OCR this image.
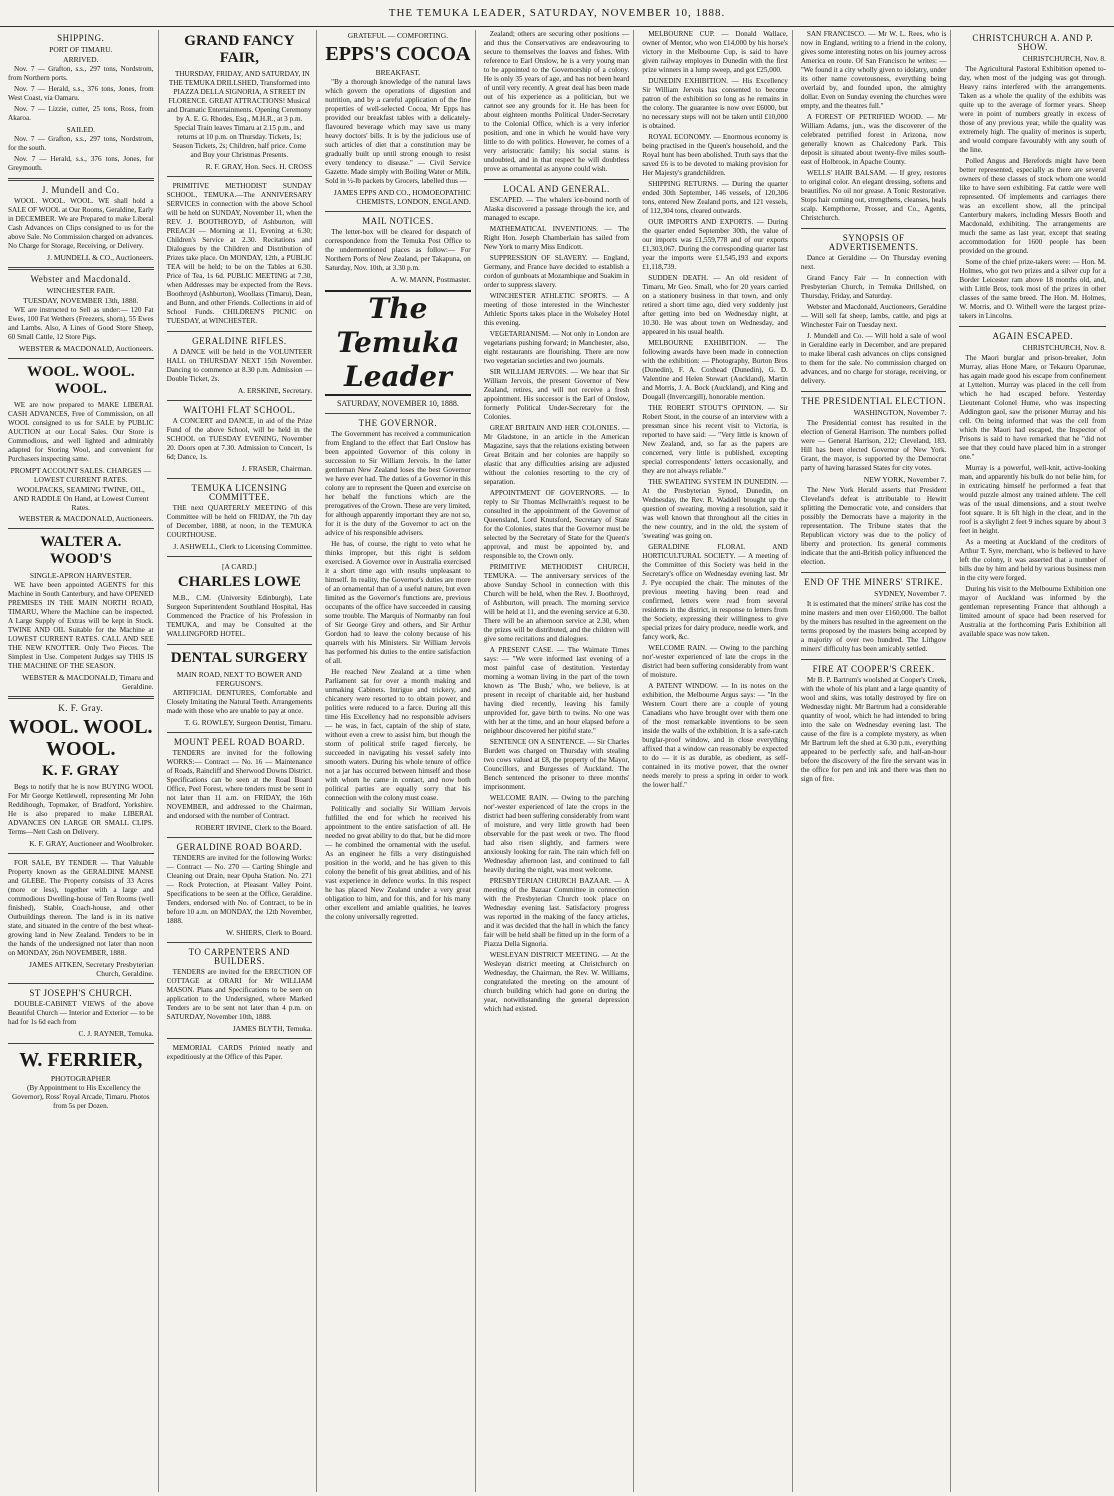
THE TEMUKA LEADER, SATURDAY, NOVEMBER 10, 1888.
SHIPPING.
PORT OF TIMARU.
ARRIVED.

Nov. 7 — Grafton, s.s., 297 tons, Nordstrom, from Northern ports.

Nov. 7 — Herald, s.s., 376 tons, Jones, from West Coast, via Oamaru.

Nov. 7 — Lizzie, cutter, 25 tons, Ross, from Akaroa.

SAILED.

Nov. 7 — Grafton, s.s., 297 tons, Nordstrom, for the south.

Nov. 7 — Herald, s.s., 376 tons, Jones, for Greymouth.

J. Mundell and Co.

WOOL. WOOL. WOOL. WE shall hold a SALE OF WOOL at Our Rooms, Geraldine, Early in DECEMBER. We are Prepared to make Liberal Cash Advances on Clips consigned to us for the above Sale. No Commission charged on advances. No Charge for Storage, Receiving, or Delivery.

J. MUNDELL & CO., Auctioneers.
Webster and Macdonald.
WINCHESTER FAIR.
TUESDAY, NOVEMBER 13th, 1888.

WE are instructed to Sell as under:— 120 Fat Ewes, 100 Fat Wethers (Freezers, shorn), 55 Ewes and Lambs. Also, A Lines of Good Store Sheep, 60 Small Cattle, 12 Store Pigs.

WEBSTER & MACDONALD, Auctioneers.
WOOL. WOOL. WOOL.

WE are now prepared to MAKE LIBERAL CASH ADVANCES, Free of Commission, on all WOOL consigned to us for SALE by PUBLIC AUCTION at our Local Sales. Our Store is Commodious, and well lighted and admirably adapted for Storing Wool, and convenient for Purchasers inspecting same.

PROMPT ACCOUNT SALES. CHARGES — LOWEST CURRENT RATES.
WOOLPACKS, SEAMING TWINE, OIL, AND RADDLE On Hand, at Lowest Current Rates.
WEBSTER & MACDONALD, Auctioneers.
WALTER A. WOOD'S
SINGLE-APRON HARVESTER.

WE have been appointed AGENTS for this Machine in South Canterbury, and have OPENED PREMISES IN THE MAIN NORTH ROAD, TIMARU, Where the Machine can be inspected. A Large Supply of Extras will be kept in Stock. TWINE AND OIL Suitable for the Machine at LOWEST CURRENT RATES. CALL AND SEE THE NEW KNOTTER. Only Two Pieces. The Simplest in Use. Competent Judges say THIS IS THE MACHINE OF THE SEASON.

WEBSTER & MACDONALD, Timaru and Geraldine.
K. F. Gray.
WOOL. WOOL. WOOL.
K. F. GRAY

Begs to notify that he is now BUYING WOOL For Mr George Kettlewell, representing Mr John Reddihough, Topmaker, of Bradford, Yorkshire. He is also prepared to make LIBERAL ADVANCES ON LARGE OR SMALL CLIPS. Terms—Nett Cash on Delivery.

K. F. GRAY, Auctioneer and Woolbroker.

FOR SALE, BY TENDER — That Valuable Property known as the GERALDINE MANSE and GLEBE. The Property consists of 33 Acres (more or less), together with a large and commodious Dwelling-house of Ten Rooms (well finished), Stable, Coach-house, and other Outbuildings thereon. The land is in its native state, and situated in the centre of the best wheat-growing land in New Zealand. Tenders to be in the hands of the undersigned not later than noon on MONDAY, 26th NOVEMBER, 1888.

JAMES AITKEN, Secretary Presbyterian Church, Geraldine.
ST JOSEPH'S CHURCH.

DOUBLE-CABINET VIEWS of the above Beautiful Church — Interior and Exterior — to be had for 1s 6d each from

C. J. RAYNER, Temuka.
W. FERRIER,
PHOTOGRAPHER

(By Appointment to His Excellency the Governor), Ross' Royal Arcade, Timaru. Photos from 5s per Dozen.

GRAND FANCY FAIR,

THURSDAY, FRIDAY, AND SATURDAY, IN THE TEMUKA DRILLSHED, Transformed into PIAZZA DELLA SIGNORIA, A STREET IN FLORENCE. GREAT ATTRACTIONS! Musical and Dramatic Entertainments. Opening Ceremony by A. E. G. Rhodes, Esq., M.H.R., at 3 p.m. Special Train leaves Timaru at 2.15 p.m., and returns at 10 p.m. on Thursday. Tickets, 1s; Season Tickets, 2s; Children, half price. Come and Buy your Christmas Presents.

R. F. GRAY, Hon. Secs. H. CROSS

PRIMITIVE METHODIST SUNDAY SCHOOL, TEMUKA.—The ANNIVERSARY SERVICES in connection with the above School will be held on SUNDAY, November 11, when the REV. J. BOOTHROYD, of Ashburton, will PREACH — Morning at 11, Evening at 6.30; Children's Service at 2.30. Recitations and Dialogues by the Children and Distribution of Prizes take place. On MONDAY, 12th, a PUBLIC TEA will be held; to be on the Tables at 6.30. Price of Tea, 1s 6d. PUBLIC MEETING at 7.30, when Addresses may be expected from the Revs. Boothroyd (Ashburton), Woollass (Timaru), Dean, and Bunn, and other Friends. Collections in aid of School Funds. CHILDREN'S PICNIC on TUESDAY, at WINCHESTER.

GERALDINE RIFLES.

A DANCE will be held in the VOLUNTEER HALL on THURSDAY NEXT 15th November. Dancing to commence at 8.30 p.m. Admission — Double Ticket, 2s.

A. ERSKINE, Secretary.
WAITOHI FLAT SCHOOL.

A CONCERT and DANCE, in aid of the Prize Fund of the above School, will be held in the SCHOOL on TUESDAY EVENING, November 20. Doors open at 7.30. Admission to Concert, 1s 6d; Dance, 1s.

J. FRASER, Chairman.
TEMUKA LICENSING COMMITTEE.

THE next QUARTERLY MEETING of this Committee will be held on FRIDAY, the 7th day of December, 1888, at noon, in the TEMUKA COURTHOUSE.

J. ASHWELL, Clerk to Licensing Committee.
[A CARD.]
CHARLES LOWE

M.B., C.M. (University Edinburgh), Late Surgeon Superintendent Southland Hospital, Has Commenced the Practice of his Profession in TEMUKA, and may be Consulted at the WALLINGFORD HOTEL.

DENTAL SURGERY
MAIN ROAD, NEXT TO BOWER AND FERGUSON'S.

ARTIFICIAL DENTURES, Comfortable and Closely Imitating the Natural Teeth. Arrangements made with those who are unable to pay at once.

T. G. ROWLEY, Surgeon Dentist, Timaru.
MOUNT PEEL ROAD BOARD.

TENDERS are invited for the following WORKS:— Contract — No. 16 — Maintenance of Roads, Raincliff and Sherwood Downs District. Specifications can be seen at the Road Board Office, Peel Forest, where tenders must be sent in not later than 11 a.m. on FRIDAY, the 16th NOVEMBER, and addressed to the Chairman, and endorsed with the number of Contract.

ROBERT IRVINE, Clerk to the Board.
GERALDINE ROAD BOARD.

TENDERS are invited for the following Works:— Contract — No. 270 — Carting Shingle and Cleaning out Drain, near Opuha Station. No. 271 — Rock Protection, at Pleasant Valley Point. Specifications to be seen at the Office, Geraldine. Tenders, endorsed with No. of Contract, to be in before 10 a.m. on MONDAY, the 12th November, 1888.

W. SHIERS, Clerk to Board.
TO CARPENTERS AND BUILDERS.

TENDERS are invited for the ERECTION OF COTTAGE at ORARI for Mr WILLIAM MASON. Plans and Specifications to be seen on application to the Undersigned, where Marked Tenders are to be sent not later than 4 p.m. on SATURDAY, November 10th, 1888.

JAMES BLYTH, Temuka.

MEMORIAL CARDS Printed neatly and expeditiously at the Office of this Paper.

GRATEFUL — COMFORTING.
EPPS'S COCOA
BREAKFAST.

"By a thorough knowledge of the natural laws which govern the operations of digestion and nutrition, and by a careful application of the fine properties of well-selected Cocoa, Mr Epps has provided our breakfast tables with a delicately-flavoured beverage which may save us many heavy doctors' bills. It is by the judicious use of such articles of diet that a constitution may be gradually built up until strong enough to resist every tendency to disease." — Civil Service Gazette. Made simply with Boiling Water or Milk. Sold in ½-lb packets by Grocers, labelled thus —

JAMES EPPS AND CO., HOMOEOPATHIC CHEMISTS, LONDON, ENGLAND.
MAIL NOTICES.

The letter-box will be cleared for despatch of correspondence from the Temuka Post Office to the undermentioned places as follow:— For Northern Ports of New Zealand, per Takapuna, on Saturday, Nov. 10th, at 3.30 p.m.

A. W. MANN, Postmaster.
The Temuka Leader
SATURDAY, NOVEMBER 10, 1888.
THE GOVERNOR.

The Government has received a communication from England to the effect that Earl Onslow has been appointed Governor of this colony in succession to Sir William Jervois. In the latter gentleman New Zealand loses the best Governor we have ever had. The duties of a Governor in this colony are to represent the Queen and exercise on her behalf the functions which are the prerogatives of the Crown. These are very limited, for although apparently important they are not so, for it is the duty of the Governor to act on the advice of his responsible advisers.

He has, of course, the right to veto what he thinks improper, but this right is seldom exercised. A Governor over in Australia exercised it a short time ago with results unpleasant to himself. In reality, the Governor's duties are more of an ornamental than of a useful nature, but even limited as the Governor's functions are, previous occupants of the office have succeeded in causing some trouble. The Marquis of Normanby ran foul of Sir George Grey and others, and Sir Arthur Gordon had to leave the colony because of his quarrels with his Ministers. Sir William Jervois has performed his duties to the entire satisfaction of all.

He reached New Zealand at a time when Parliament sat for over a month making and unmaking Cabinets. Intrigue and trickery, and chicanery were resorted to to obtain power, and politics were reduced to a farce. During all this time His Excellency had no responsible advisers — he was, in fact, captain of the ship of state, without even a crew to assist him, but though the storm of political strife raged fiercely, he succeeded in navigating his vessel safely into smooth waters. During his whole tenure of office not a jar has occurred between himself and those with whom he came in contact, and now both political parties are equally sorry that his connection with the colony must cease.

Politically and socially Sir William Jervois fulfilled the end for which he received his appointment to the entire satisfaction of all. He needed no great ability to do that, but he did more — he combined the ornamental with the useful. As an engineer he fills a very distinguished position in the world, and he has given to this colony the benefit of his great abilities, and of his vast experience in defence works. In this respect he has placed New Zealand under a very great obligation to him, and for this, and for his many other excellent and amiable qualities, he leaves the colony universally regretted.

Zealand; others are securing other positions — and thus the Conservatives are endeavouring to secure to themselves the loaves and fishes. With reference to Earl Onslow, he is a very young man to be appointed to the Governorship of a colony. He is only 35 years of age, and has not been heard of until very recently. A great deal has been made out of his experience as a politician, but we cannot see any grounds for it. He has been for about eighteen months Political Under-Secretary to the Colonial Office, which is a very inferior position, and one in which he would have very little to do with politics. However, he comes of a very aristocratic family; his social status is undoubted, and in that respect he will doubtless prove as ornamental as anyone could wish.

LOCAL AND GENERAL.

ESCAPED. — The whalers ice-bound north of Alaska discovered a passage through the ice, and managed to escape.

MATHEMATICAL INVENTIONS. — The Right Hon. Joseph Chamberlain has sailed from New York to marry Miss Endicott.

SUPPRESSION OF SLAVERY. — England, Germany, and France have decided to establish a cordon of gunboats at Mozambique and Suakim in order to suppress slavery.

WINCHESTER ATHLETIC SPORTS. — A meeting of those interested in the Winchester Athletic Sports takes place in the Wolseley Hotel this evening.

VEGETARIANISM. — Not only in London are vegetarians pushing forward; in Manchester, also, eight restaurants are flourishing. There are now two vegetarian societies and two journals.

SIR WILLIAM JERVOIS. — We hear that Sir William Jervois, the present Governor of New Zealand, retires, and will not receive a fresh appointment. His successor is the Earl of Onslow, formerly Political Under-Secretary for the Colonies.

GREAT BRITAIN AND HER COLONIES. — Mr Gladstone, in an article in the American Magazine, says that the relations existing between Great Britain and her colonies are happily so elastic that any difficulties arising are adjusted without the colonies resorting to the cry of separation.

APPOINTMENT OF GOVERNORS. — In reply to Sir Thomas McIlwraith's request to be consulted in the appointment of the Governor of Queensland, Lord Knutsford, Secretary of State for the Colonies, states that the Governor must be selected by the Secretary of State for the Queen's approval, and must be appointed by, and responsible to, the Crown only.

PRIMITIVE METHODIST CHURCH, TEMUKA. — The anniversary services of the above Sunday School in connection with this Church will be held, when the Rev. J. Boothroyd, of Ashburton, will preach. The morning service will be held at 11, and the evening service at 6.30. There will be an afternoon service at 2.30, when the prizes will be distributed, and the children will give some recitations and dialogues.

A PRESENT CASE. — The Waimate Times says: — "We were informed last evening of a most painful case of destitution. Yesterday morning a woman living in the part of the town known as 'The Bush,' who, we believe, is at present in receipt of charitable aid, her husband having died recently, leaving his family unprovided for, gave birth to twins. No one was with her at the time, and an hour elapsed before a neighbour discovered her pitiful state."

SENTENCE ON A SENTENCE. — Sir Charles Burdett was charged on Thursday with stealing two cows valued at £8, the property of the Mayor, Councillors, and Burgesses of Auckland. The Bench sentenced the prisoner to three months' imprisonment.

WELCOME RAIN. — Owing to the parching nor'-wester experienced of late the crops in the district had been suffering considerably from want of moisture, and very little growth had been observable for the past week or two. The flood had also risen slightly, and farmers were anxiously looking for rain. The rain which fell on Wednesday afternoon last, and continued to fall heavily during the night, was most welcome.

PRESBYTERIAN CHURCH BAZAAR. — A meeting of the Bazaar Committee in connection with the Presbyterian Church took place on Wednesday evening last. Satisfactory progress was reported in the making of the fancy articles, and it was decided that the hall in which the fancy fair will be held shall be fitted up in the form of a Piazza Della Signoria.

WESLEYAN DISTRICT MEETING. — At the Wesleyan district meeting at Christchurch on Wednesday, the Chairman, the Rev. W. Williams, congratulated the meeting on the amount of church building which had gone on during the year, notwithstanding the general depression which had existed.

MELBOURNE CUP. — Donald Wallace, owner of Mentor, who won £14,000 by his horse's victory in the Melbourne Cup, is said to have given railway employes in Dunedin with the first prize winners in a lump sweep, and got £25,000.

DUNEDIN EXHIBITION. — His Excellency Sir William Jervois has consented to become patron of the exhibition so long as he remains in the colony. The guarantee is now over £6000, but no necessary steps will not be taken until £10,000 is obtained.

ROYAL ECONOMY. — Enormous economy is being practised in the Queen's household, and the Royal hunt has been abolished. Truth says that the saved £6 is to be devoted to making provision for Her Majesty's grandchildren.

SHIPPING RETURNS. — During the quarter ended 30th September, 146 vessels, of 120,306 tons, entered New Zealand ports, and 121 vessels, of 112,304 tons, cleared outwards.

OUR IMPORTS AND EXPORTS. — During the quarter ended September 30th, the value of our imports was £1,559,778 and of our exports £1,303,067. During the corresponding quarter last year the imports were £1,545,193 and exports £1,118,739.

SUDDEN DEATH. — An old resident of Timaru, Mr Geo. Small, who for 20 years carried on a stationery business in that town, and only retired a short time ago, died very suddenly just after getting into bed on Wednesday night, at 10.30. He was about town on Wednesday, and appeared in his usual health.

MELBOURNE EXHIBITION. — The following awards have been made in connection with the exhibition: — Photography, Burton Bros (Dunedin), F. A. Coxhead (Dunedin), G. D. Valentine and Helen Stewart (Auckland), Martin and Morris, J. A. Bock (Auckland), and King and Dougall (Invercargill), honorable mention.

THE ROBERT STOUT'S OPINION. — Sir Robert Stout, in the course of an interview with a pressman since his recent visit to Victoria, is reported to have said: — "Very little is known of New Zealand, and, so far as the papers are concerned, very little is published, excepting special correspondents' letters occasionally, and they are not always reliable."

THE SWEATING SYSTEM IN DUNEDIN. — At the Presbyterian Synod, Dunedin, on Wednesday, the Rev. R. Waddell brought up the question of sweating, moving a resolution, said it was well known that throughout all the cities in the new country, and in the old, the system of 'sweating' was going on.

GERALDINE FLORAL AND HORTICULTURAL SOCIETY. — A meeting of the Committee of this Society was held in the Secretary's office on Wednesday evening last. Mr J. Pye occupied the chair. The minutes of the previous meeting having been read and confirmed, letters were read from several residents in the district, in response to letters from the Society, expressing their willingness to give special prizes for dairy produce, needle work, and fancy work, &c.

WELCOME RAIN. — Owing to the parching nor'-wester experienced of late the crops in the district had been suffering considerably from want of moisture.

A PATENT WINDOW. — In its notes on the exhibition, the Melbourne Argus says: — "In the Western Court there are a couple of young Canadians who have brought over with them one of the most remarkable inventions to be seen inside the walls of the exhibition. It is a safe-catch burglar-proof window, and in close everything affixed that a window can reasonably be expected to do — it is as durable, as obedient, as self-contained in its motive power, that the owner needs merely to press a spring in order to work the lower half."

SAN FRANCISCO. — Mr W. L. Rees, who is now in England, writing to a friend in the colony, gives some interesting notes on his journey across America en route. Of San Francisco he writes: — "We found it a city wholly given to idolatry, under its other name covetousness, everything being overlaid by, and founded upon, the almighty dollar. Even on Sunday evening the churches were empty, and the theatres full."

A FOREST OF PETRIFIED WOOD. — Mr William Adams, jun., was the discoverer of the celebrated petrified forest in Arizona, now generally known as Chalcedony Park. This deposit is situated about twenty-five miles south-east of Holbrook, in Apache County.

WELLS' HAIR BALSAM. — If grey, restores to original color. An elegant dressing, softens and beautifies. No oil nor grease. A Tonic Restorative. Stops hair coming out, strengthens, cleanses, heals scalp. Kempthorne, Prosser, and Co., Agents, Christchurch.

SYNOPSIS OF ADVERTISEMENTS.

Dance at Geraldine — On Thursday evening next.

Grand Fancy Fair — In connection with Presbyterian Church, in Temuka Drillshed, on Thursday, Friday, and Saturday.

Webster and Macdonald, Auctioneers, Geraldine — Will sell fat sheep, lambs, cattle, and pigs at Winchester Fair on Tuesday next.

J. Mundell and Co. — Will hold a sale of wool in Geraldine early in December, and are prepared to make liberal cash advances on clips consigned to them for the sale. No commission charged on advances, and no charge for storage, receiving, or delivery.

THE PRESIDENTIAL ELECTION.
WASHINGTON, November 7.

The Presidential contest has resulted in the election of General Harrison. The numbers polled were — General Harrison, 212; Cleveland, 183. Hill has been elected Governor of New York. Grant, the mayor, is supported by the Democrat party of having harassed States for city votes.

NEW YORK, November 7.

The New York Herald asserts that President Cleveland's defeat is attributable to Hewitt splitting the Democratic vote, and considers that possibly the Democrats have a majority in the representation. The Tribune states that the Republican victory was due to the policy of liberty and protection. Its general comments indicate that the anti-British policy influenced the election.

END OF THE MINERS' STRIKE.
SYDNEY, November 7.

It is estimated that the miners' strike has cost the mine masters and men over £160,000. The ballot by the miners has resulted in the agreement on the terms proposed by the masters being accepted by a majority of over two hundred. The Lithgow miners' difficulty has been amicably settled.

FIRE AT COOPER'S CREEK.

Mr B. P. Bartrum's woolshed at Cooper's Creek, with the whole of his plant and a large quantity of wool and skins, was totally destroyed by fire on Wednesday night. Mr Bartrum had a considerable quantity of wool, which he had intended to bring into the sale on Wednesday evening last. The cause of the fire is a complete mystery, as when Mr Bartrum left the shed at 6.30 p.m., everything appeared to be perfectly safe, and half-an-hour before the discovery of the fire the servant was in the office for pen and ink and there was then no sign of fire.

CHRISTCHURCH A. AND P. SHOW.
CHRISTCHURCH, Nov. 8.

The Agricultural Pastoral Exhibition opened to-day, when most of the judging was got through. Heavy rains interfered with the arrangements. Taken as a whole the quality of the exhibits was quite up to the average of former years. Sheep were in point of numbers greatly in excess of those of any previous year, while the quality was extremely high. The quality of merinos is superb, and would compare favourably with any south of the line.

Polled Angus and Herefords might have been better represented, especially as there are several owners of these classes of stock whom one would like to have seen exhibiting. Fat cattle were well represented. Of implements and carriages there was an excellent show, all the principal Canterbury makers, including Messrs Booth and Macdonald, exhibiting. The arrangements are much the same as last year, except that seating accommodation for 1600 people has been provided on the ground.

Some of the chief prize-takers were: — Hon. M. Holmes, who got two prizes and a silver cup for a Border Leicester ram above 18 months old, and, with Little Bros, took most of the prizes in other classes of the same breed. The Hon. M. Holmes, W. Morris, and O. Withell were the largest prize-takers in Lincolns.

AGAIN ESCAPED.
CHRISTCHURCH, Nov. 8.

The Maori burglar and prison-breaker, John Murray, alias Hone Mare, or Tekauru Oparunae, has again made good his escape from confinement at Lyttelton. Murray was placed in the cell from which he had escaped before. Yesterday Lieutenant Colonel Hume, who was inspecting Addington gaol, saw the prisoner Murray and his cell. On being informed that was the cell from which the Maori had escaped, the Inspector of Prisons is said to have remarked that he "did not see that they could have placed him in a stronger one."

Murray is a powerful, well-knit, active-looking man, and apparently his bulk do not belie him, for in extricating himself he performed a feat that would puzzle almost any trained athlete. The cell was of the usual dimensions, and a stout twelve foot square. It is 6ft high in the clear, and in the roof is a skylight 2 feet 9 inches square by about 3 feet in height.

As a meeting at Auckland of the creditors of Arthur T. Syre, merchant, who is believed to have left the colony, it was asserted that a number of bills due by him and held by various business men in the city were forged.

During his visit to the Melbourne Exhibition one mayor of Auckland was informed by the gentleman representing France that although a limited amount of space had been reserved for Australia at the forthcoming Paris Exhibition all available space was now taken.
